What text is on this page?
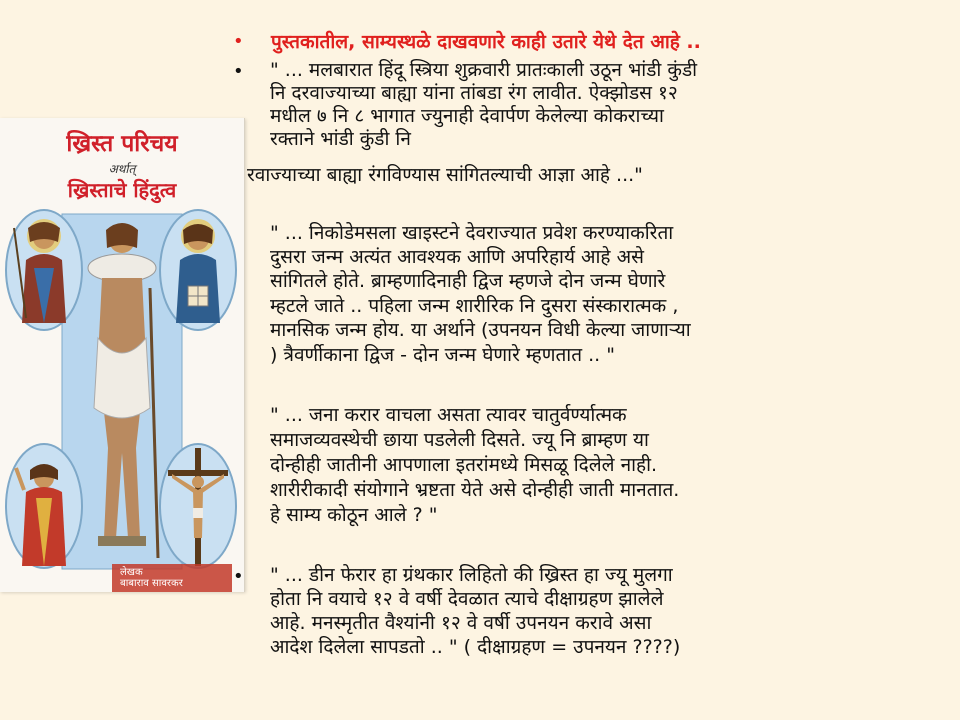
ख्रिस्त परिचय
अर्थात्
ख्रिस्ताचे हिंदुत्व
लेखक
बाबाराव सावरकर
• पुस्तकातील, साम्यस्थळे दाखवणारे काही उतारे येथे देत आहे ..
• " ... मलबारात हिंदू स्त्रिया शुक्रवारी प्रातःकाली उठून भांडी कुंडी
नि दरवाज्याच्या बाह्या यांना तांबडा रंग लावीत. ऐक्झोडस १२
मधील ७ नि ८ भागात ज्युनाही देवार्पण केलेल्या कोकराच्या
रक्ताने भांडी कुंडी नि
रवाज्याच्या बाह्या रंगविण्यास सांगितल्याची आज्ञा आहे ..."
" ... निकोडेमसला खाइस्टने देवराज्यात प्रवेश करण्याकरिता
दुसरा जन्म अत्यंत आवश्यक आणि अपरिहार्य आहे असे
सांगितले होते. ब्राम्हणादिनाही द्विज म्हणजे दोन जन्म घेणारे
म्हटले जाते .. पहिला जन्म शारीरिक नि दुसरा संस्कारात्मक ,
मानसिक जन्म होय. या अर्थाने (उपनयन विधी केल्या जाणाऱ्या
) त्रैवर्णीकाना द्विज - दोन जन्म घेणारे म्हणतात .. "
" ... जना करार वाचला असता त्यावर चातुर्वर्ण्यात्मक
समाजव्यवस्थेची छाया पडलेली दिसते. ज्यू नि ब्राम्हण या
दोन्हीही जातीनी आपणाला इतरांमध्ये मिसळू दिलेले नाही.
शारीरीकादी संयोगाने भ्रष्टता येते असे दोन्हीही जाती मानतात.
हे साम्य कोठून आले ? "
• " ... डीन फेरार हा ग्रंथकार लिहितो की ख्रिस्त हा ज्यू मुलगा
होता नि वयाचे १२ वे वर्षी देवळात त्याचे दीक्षाग्रहण झालेले
आहे. मनस्मृतीत वैश्यांनी १२ वे वर्षी उपनयन करावे असा
आदेश दिलेला सापडतो .. " ( दीक्षाग्रहण = उपनयन ????)
